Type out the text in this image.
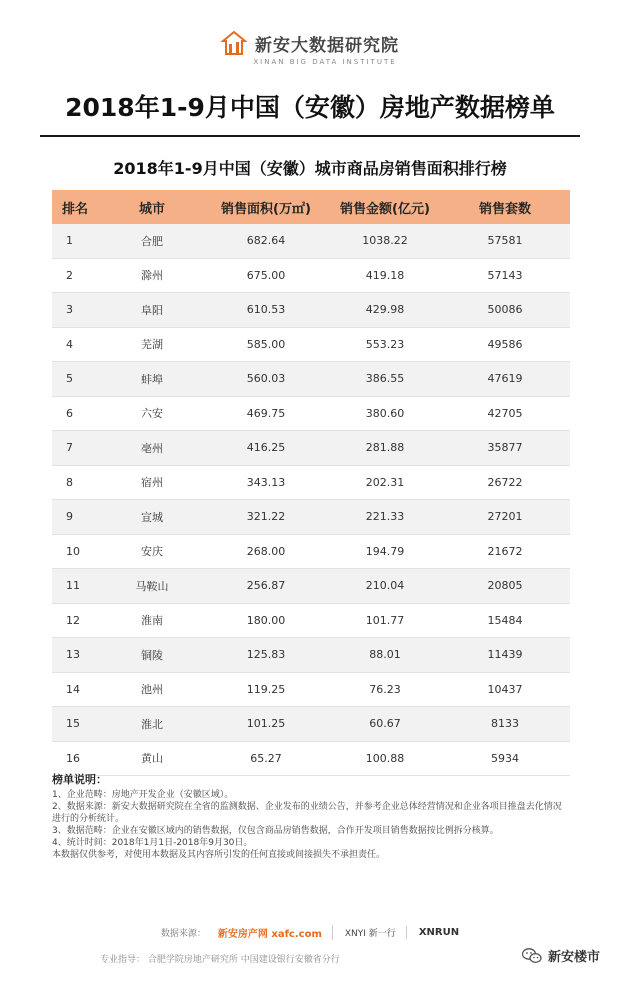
新安大数据研究院
XINAN BIG DATA INSTITUTE
2018年1-9月中国（安徽）房地产数据榜单
2018年1-9月中国（安徽）城市商品房销售面积排行榜
排名	城市	销售面积(万㎡)	销售金额(亿元)	销售套数
1	合肥	682.64	1038.22	57581
2	滁州	675.00	419.18	57143
3	阜阳	610.53	429.98	50086
4	芜湖	585.00	553.23	49586
5	蚌埠	560.03	386.55	47619
6	六安	469.75	380.60	42705
7	亳州	416.25	281.88	35877
8	宿州	343.13	202.31	26722
9	宣城	321.22	221.33	27201
10	安庆	268.00	194.79	21672
11	马鞍山	256.87	210.04	20805
12	淮南	180.00	101.77	15484
13	铜陵	125.83	88.01	11439
14	池州	119.25	76.23	10437
15	淮北	101.25	60.67	8133
16	黄山	65.27	100.88	5934
榜单说明：

1、企业范畴：房地产开发企业（安徽区域）。

2、数据来源：新安大数据研究院在全省的监测数据、企业发布的业绩公告，并参考企业总体经营情况和企业各项目推盘去化情况进行的分析统计。

3、数据范畴：企业在安徽区域内的销售数据，仅包含商品房销售数据，合作开发项目销售数据按比例拆分核算。

4、统计时间：2018年1月1日-2018年9月30日。

本数据仅供参考，对使用本数据及其内容所引发的任何直接或间接损失不承担责任。

数据来源： 新安房产网 xafc.com	XNYI 新一行	XNRUN
专业指导： 合肥学院房地产研究所 中国建设银行安徽省分行	新安楼市
